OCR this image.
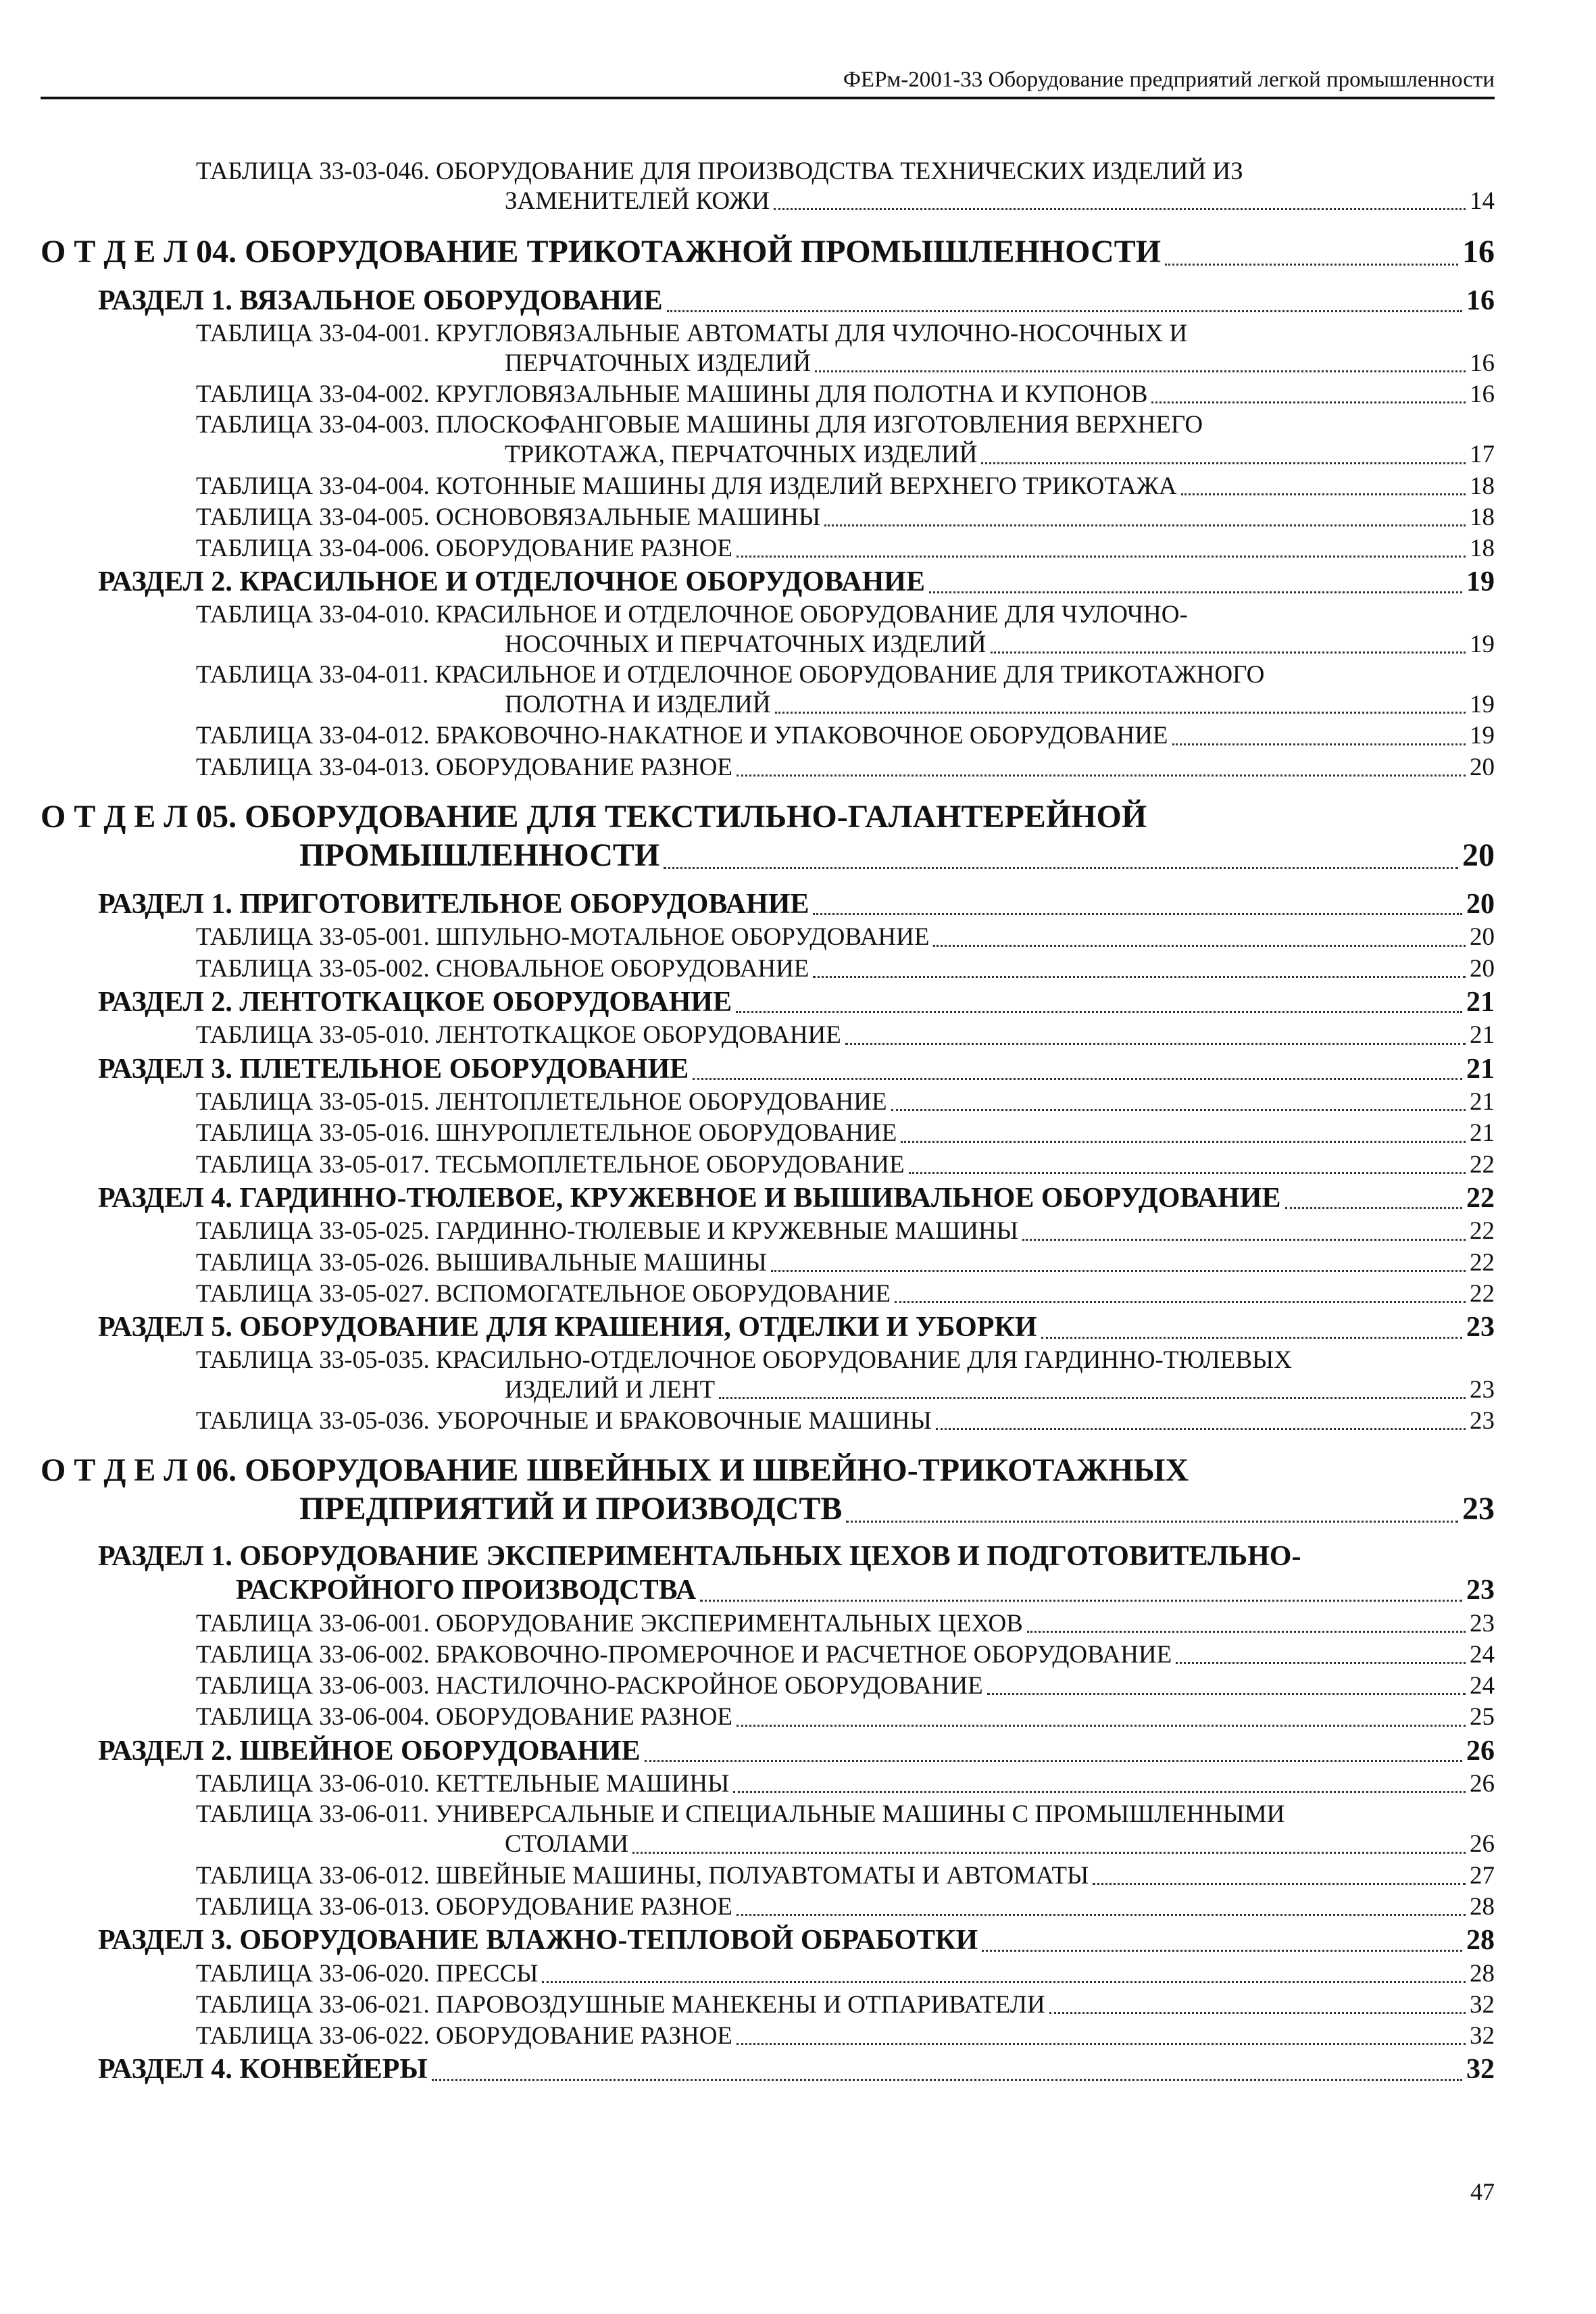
ФЕРм-2001-33 Оборудование предприятий легкой промышленности
ТАБЛИЦА 33-03-046. ОБОРУДОВАНИЕ ДЛЯ ПРОИЗВОДСТВА ТЕХНИЧЕСКИХ ИЗДЕЛИЙ ИЗ
ЗАМЕНИТЕЛЕЙ КОЖИ	14
О Т Д Е Л 04. ОБОРУДОВАНИЕ ТРИКОТАЖНОЙ ПРОМЫШЛЕННОСТИ	16
РАЗДЕЛ 1. ВЯЗАЛЬНОЕ ОБОРУДОВАНИЕ	16
ТАБЛИЦА 33-04-001. КРУГЛОВЯЗАЛЬНЫЕ АВТОМАТЫ ДЛЯ ЧУЛОЧНО-НОСОЧНЫХ И
ПЕРЧАТОЧНЫХ ИЗДЕЛИЙ	16
ТАБЛИЦА 33-04-002. КРУГЛОВЯЗАЛЬНЫЕ МАШИНЫ ДЛЯ ПОЛОТНА И КУПОНОВ	16
ТАБЛИЦА 33-04-003. ПЛОСКОФАНГОВЫЕ МАШИНЫ ДЛЯ ИЗГОТОВЛЕНИЯ ВЕРХНЕГО
ТРИКОТАЖА, ПЕРЧАТОЧНЫХ ИЗДЕЛИЙ	17
ТАБЛИЦА 33-04-004. КОТОННЫЕ МАШИНЫ ДЛЯ ИЗДЕЛИЙ ВЕРХНЕГО ТРИКОТАЖА	18
ТАБЛИЦА 33-04-005. ОСНОВОВЯЗАЛЬНЫЕ МАШИНЫ	18
ТАБЛИЦА 33-04-006. ОБОРУДОВАНИЕ РАЗНОЕ	18
РАЗДЕЛ 2. КРАСИЛЬНОЕ И ОТДЕЛОЧНОЕ ОБОРУДОВАНИЕ	19
ТАБЛИЦА 33-04-010. КРАСИЛЬНОЕ И ОТДЕЛОЧНОЕ ОБОРУДОВАНИЕ ДЛЯ ЧУЛОЧНО-
НОСОЧНЫХ И ПЕРЧАТОЧНЫХ ИЗДЕЛИЙ	19
ТАБЛИЦА 33-04-011. КРАСИЛЬНОЕ И ОТДЕЛОЧНОЕ ОБОРУДОВАНИЕ ДЛЯ ТРИКОТАЖНОГО
ПОЛОТНА И ИЗДЕЛИЙ	19
ТАБЛИЦА 33-04-012. БРАКОВОЧНО-НАКАТНОЕ И УПАКОВОЧНОЕ ОБОРУДОВАНИЕ	19
ТАБЛИЦА 33-04-013. ОБОРУДОВАНИЕ РАЗНОЕ	20
О Т Д Е Л 05. ОБОРУДОВАНИЕ ДЛЯ ТЕКСТИЛЬНО-ГАЛАНТЕРЕЙНОЙ
ПРОМЫШЛЕННОСТИ	20
РАЗДЕЛ 1. ПРИГОТОВИТЕЛЬНОЕ ОБОРУДОВАНИЕ	20
ТАБЛИЦА 33-05-001. ШПУЛЬНО-МОТАЛЬНОЕ ОБОРУДОВАНИЕ	20
ТАБЛИЦА 33-05-002. СНОВАЛЬНОЕ ОБОРУДОВАНИЕ	20
РАЗДЕЛ 2. ЛЕНТОТКАЦКОЕ ОБОРУДОВАНИЕ	21
ТАБЛИЦА 33-05-010. ЛЕНТОТКАЦКОЕ ОБОРУДОВАНИЕ	21
РАЗДЕЛ 3. ПЛЕТЕЛЬНОЕ ОБОРУДОВАНИЕ	21
ТАБЛИЦА 33-05-015. ЛЕНТОПЛЕТЕЛЬНОЕ ОБОРУДОВАНИЕ	21
ТАБЛИЦА 33-05-016. ШНУРОПЛЕТЕЛЬНОЕ ОБОРУДОВАНИЕ	21
ТАБЛИЦА 33-05-017. ТЕСЬМОПЛЕТЕЛЬНОЕ ОБОРУДОВАНИЕ	22
РАЗДЕЛ 4. ГАРДИННО-ТЮЛЕВОЕ, КРУЖЕВНОЕ И ВЫШИВАЛЬНОЕ ОБОРУДОВАНИЕ	22
ТАБЛИЦА 33-05-025. ГАРДИННО-ТЮЛЕВЫЕ И КРУЖЕВНЫЕ МАШИНЫ	22
ТАБЛИЦА 33-05-026. ВЫШИВАЛЬНЫЕ МАШИНЫ	22
ТАБЛИЦА 33-05-027. ВСПОМОГАТЕЛЬНОЕ ОБОРУДОВАНИЕ	22
РАЗДЕЛ 5. ОБОРУДОВАНИЕ ДЛЯ КРАШЕНИЯ, ОТДЕЛКИ И УБОРКИ	23
ТАБЛИЦА 33-05-035. КРАСИЛЬНО-ОТДЕЛОЧНОЕ ОБОРУДОВАНИЕ ДЛЯ ГАРДИННО-ТЮЛЕВЫХ
ИЗДЕЛИЙ И ЛЕНТ	23
ТАБЛИЦА 33-05-036. УБОРОЧНЫЕ И БРАКОВОЧНЫЕ МАШИНЫ	23
О Т Д Е Л 06. ОБОРУДОВАНИЕ ШВЕЙНЫХ И ШВЕЙНО-ТРИКОТАЖНЫХ
ПРЕДПРИЯТИЙ И ПРОИЗВОДСТВ	23
РАЗДЕЛ 1. ОБОРУДОВАНИЕ ЭКСПЕРИМЕНТАЛЬНЫХ ЦЕХОВ И ПОДГОТОВИТЕЛЬНО-
РАСКРОЙНОГО ПРОИЗВОДСТВА	23
ТАБЛИЦА 33-06-001. ОБОРУДОВАНИЕ ЭКСПЕРИМЕНТАЛЬНЫХ ЦЕХОВ	23
ТАБЛИЦА 33-06-002. БРАКОВОЧНО-ПРОМЕРОЧНОЕ И РАСЧЕТНОЕ ОБОРУДОВАНИЕ	24
ТАБЛИЦА 33-06-003. НАСТИЛОЧНО-РАСКРОЙНОЕ ОБОРУДОВАНИЕ	24
ТАБЛИЦА 33-06-004. ОБОРУДОВАНИЕ РАЗНОЕ	25
РАЗДЕЛ 2. ШВЕЙНОЕ ОБОРУДОВАНИЕ	26
ТАБЛИЦА 33-06-010. КЕТТЕЛЬНЫЕ МАШИНЫ	26
ТАБЛИЦА 33-06-011. УНИВЕРСАЛЬНЫЕ И СПЕЦИАЛЬНЫЕ МАШИНЫ С ПРОМЫШЛЕННЫМИ
СТОЛАМИ	26
ТАБЛИЦА 33-06-012. ШВЕЙНЫЕ МАШИНЫ, ПОЛУАВТОМАТЫ И АВТОМАТЫ	27
ТАБЛИЦА 33-06-013. ОБОРУДОВАНИЕ РАЗНОЕ	28
РАЗДЕЛ 3. ОБОРУДОВАНИЕ ВЛАЖНО-ТЕПЛОВОЙ ОБРАБОТКИ	28
ТАБЛИЦА 33-06-020. ПРЕССЫ	28
ТАБЛИЦА 33-06-021. ПАРОВОЗДУШНЫЕ МАНЕКЕНЫ И ОТПАРИВАТЕЛИ	32
ТАБЛИЦА 33-06-022. ОБОРУДОВАНИЕ РАЗНОЕ	32
РАЗДЕЛ 4. КОНВЕЙЕРЫ	32
47
